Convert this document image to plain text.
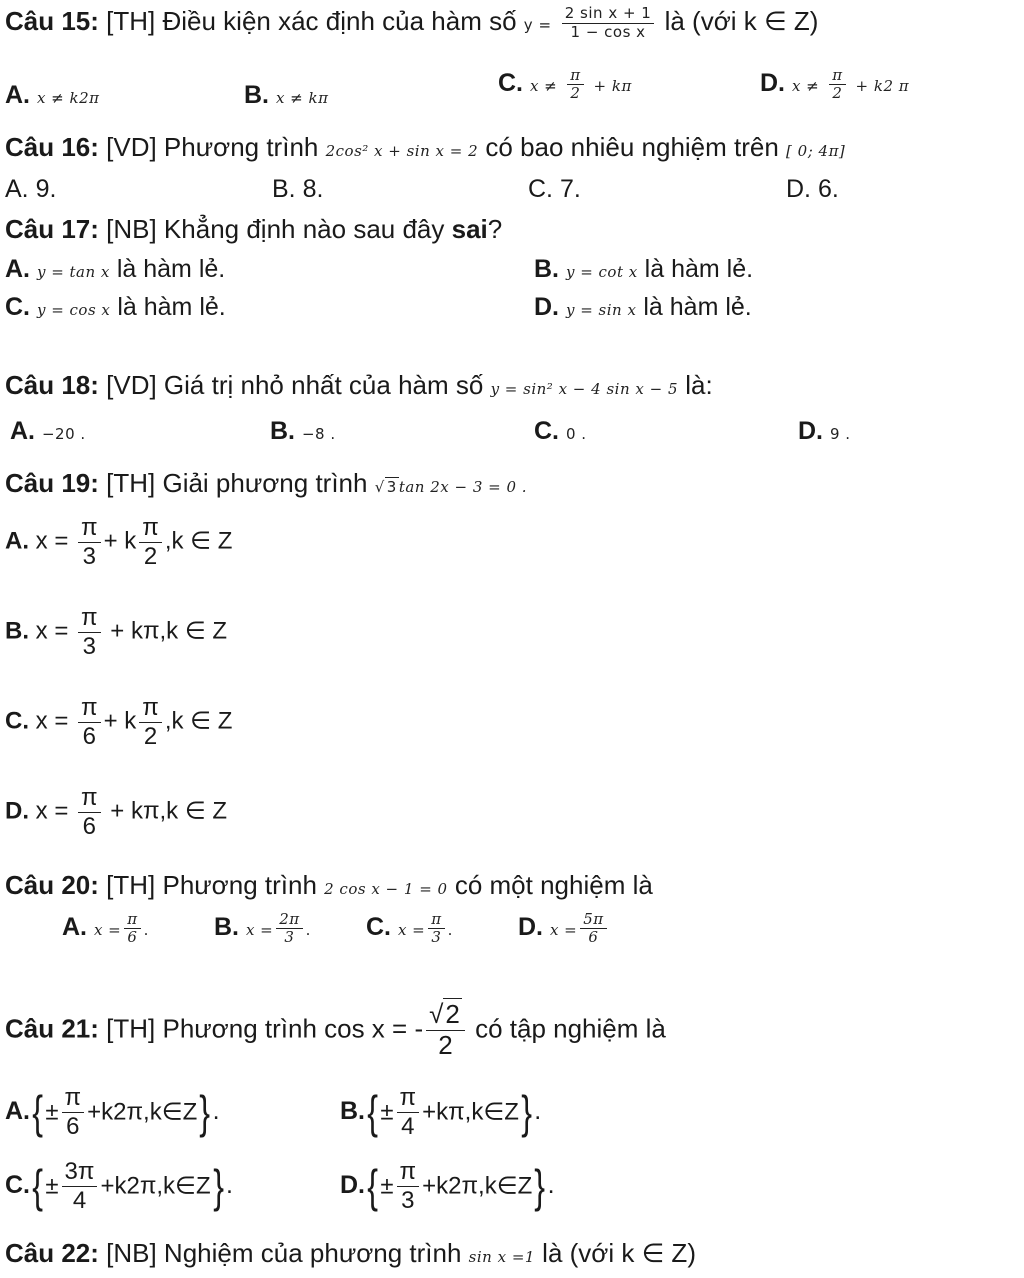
Câu 15: [TH] Điều kiện xác định của hàm số $y = \frac{\text{2 sin x + 1}}{\text{1 − cos x}}$ là (với k ∈ Z)
A. x ≠ k2π	B. x ≠ kπ
C. $x \ne \frac{\pi}{2} + k\pi$	D. $x \ne \frac{\pi}{2} + k2$ π
Câu 16: [VD] Phương trình 2cos² x + sin x = 2 có bao nhiêu nghiệm trên [ 0; 4π]
A. 9.	B. 8.	C. 7.	D. 6.
Câu 17: [NB] Khẳng định nào sau đây sai?
A. y = tan x là hàm lẻ.	B. y = cot x là hàm lẻ.
C. y = cos x là hàm lẻ.	D. y = sin x là hàm lẻ.
Câu 18: [VD] Giá trị nhỏ nhất của hàm số y = sin² x − 4 sin x − 5 là:
A. −20 .	B. −8 .	C. 0 .	D. 9 .
Câu 19: [TH] Giải phương trình √ 3 tan 2x − 3 = 0 .
A. $x = \frac{\pi}{3} + k \frac{\pi}{2} ,k$ ∈ Z
B. $x = \frac{\pi}{3} + k\pi,k$ ∈ Z
C. $x = \frac{\pi}{6} + k \frac{\pi}{2} ,k$ ∈ Z
D. $x = \frac{\pi}{6} + k\pi,k$ ∈ Z
Câu 20: [TH] Phương trình 2 cos x − 1 = 0 có một nghiệm là
A. $x = \frac{\pi}{6}$ .	B. $x = \frac{2\pi}{3}$ . C. $x = \frac{\pi}{3}$ .	D. $x = \frac{5\pi}{6}$
Câu 21: [TH] Phương trình cos x = - $\frac{√2}{2}$ có tập nghiệm là
$A.\{\pm \frac{\pi}{6}$ +k2π,k∈Z}.	$B.\{\pm \frac{\pi}{4}$ +kπ,k∈Z}.
$C.\{\pm \frac{3\pi}{4}$ +k2π,k∈Z}.	$D.\{\pm \frac{\pi}{3}$ +k2π,k∈Z}.
Câu 22: [NB] Nghiệm của phương trình sin x =1 là (với k ∈ Z)
